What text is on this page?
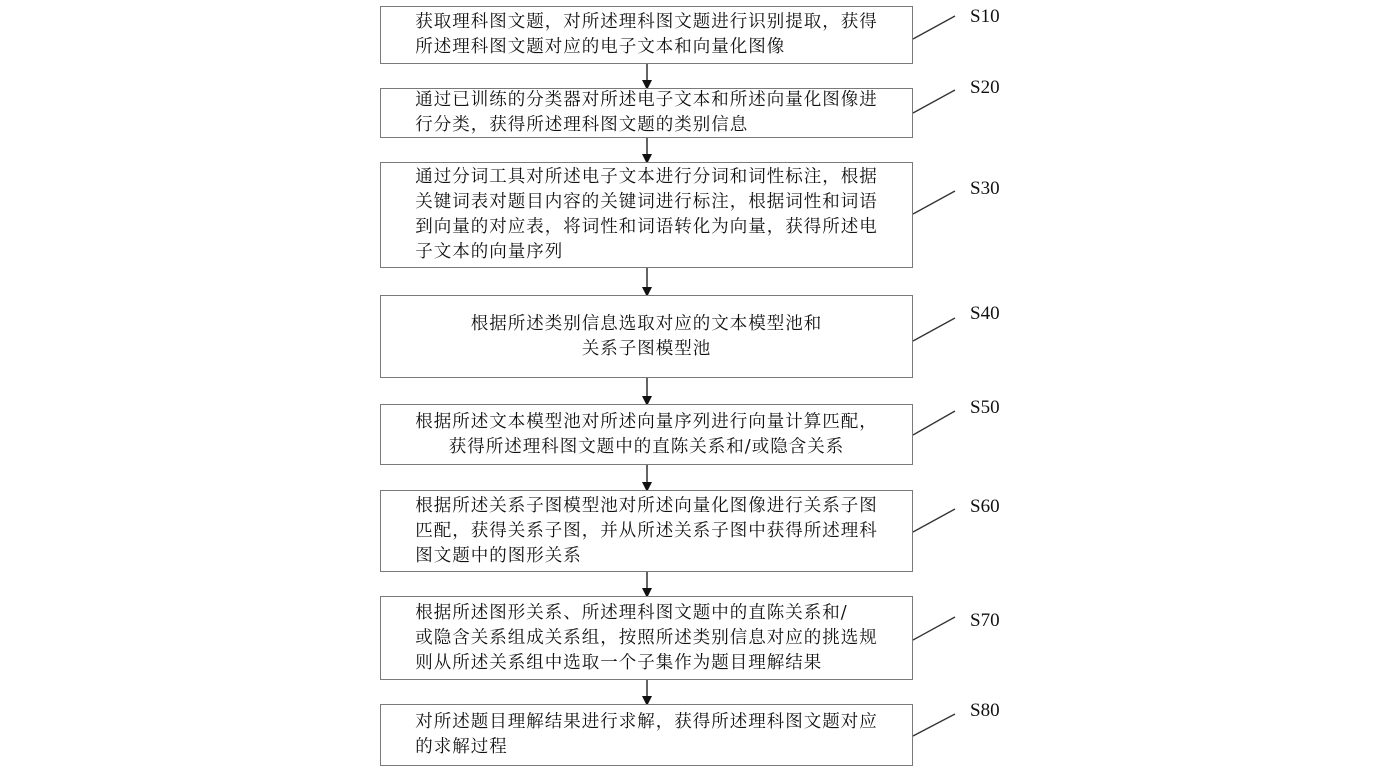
获取理科图文题，对所述理科图文题进行识别提取，获得
所述理科图文题对应的电子文本和向量化图像
S10
通过已训练的分类器对所述电子文本和所述向量化图像进
行分类，获得所述理科图文题的类别信息
S20
通过分词工具对所述电子文本进行分词和词性标注，根据
关键词表对题目内容的关键词进行标注，根据词性和词语
到向量的对应表，将词性和词语转化为向量，获得所述电
子文本的向量序列
S30
根据所述类别信息选取对应的文本模型池和
关系子图模型池
S40
根据所述文本模型池对所述向量序列进行向量计算匹配，
获得所述理科图文题中的直陈关系和/或隐含关系
S50
根据所述关系子图模型池对所述向量化图像进行关系子图
匹配，获得关系子图，并从所述关系子图中获得所述理科
图文题中的图形关系
S60
根据所述图形关系、所述理科图文题中的直陈关系和/
或隐含关系组成关系组，按照所述类别信息对应的挑选规
则从所述关系组中选取一个子集作为题目理解结果
S70
对所述题目理解结果进行求解，获得所述理科图文题对应
的求解过程
S80
